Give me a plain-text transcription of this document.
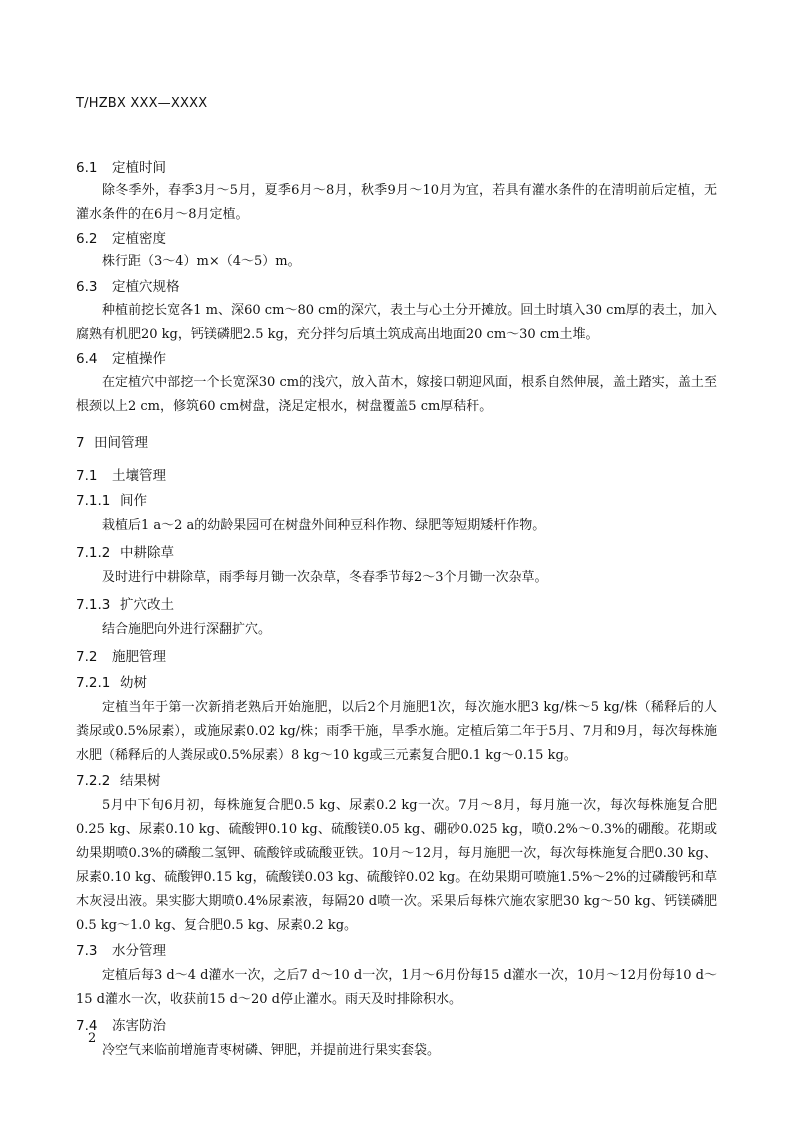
T/HZBX XXX—XXXX
6.1 定植时间

除冬季外，春季3月～5月，夏季6月～8月，秋季9月～10月为宜，若具有灌水条件的在清明前后定植，无灌水条件的在6月～8月定植。

6.2 定植密度

株行距（3～4）m×（4～5）m。

6.3 定植穴规格

种植前挖长宽各1 m、深60 cm～80 cm的深穴，表土与心土分开摊放。回土时填入30 cm厚的表土，加入腐熟有机肥20 kg，钙镁磷肥2.5 kg，充分拌匀后填土筑成高出地面20 cm～30 cm土堆。

6.4 定植操作

在定植穴中部挖一个长宽深30 cm的浅穴，放入苗木，嫁接口朝迎风面，根系自然伸展，盖土踏实，盖土至根颈以上2 cm，修筑60 cm树盘，浇足定根水，树盘覆盖5 cm厚秸秆。

7 田间管理
7.1 土壤管理
7.1.1 间作

栽植后1 a～2 a的幼龄果园可在树盘外间种豆科作物、绿肥等短期矮杆作物。

7.1.2 中耕除草

及时进行中耕除草，雨季每月锄一次杂草，冬春季节每2～3个月锄一次杂草。

7.1.3 扩穴改土

结合施肥向外进行深翻扩穴。

7.2 施肥管理
7.2.1 幼树

定植当年于第一次新捎老熟后开始施肥，以后2个月施肥1次，每次施水肥3 kg/株～5 kg/株（稀释后的人粪尿或0.5%尿素），或施尿素0.02 kg/株；雨季干施，旱季水施。定植后第二年于5月、7月和9月，每次每株施水肥（稀释后的人粪尿或0.5%尿素）8 kg～10 kg或三元素复合肥0.1 kg～0.15 kg。

7.2.2 结果树

5月中下旬6月初，每株施复合肥0.5 kg、尿素0.2 kg一次。7月～8月，每月施一次，每次每株施复合肥0.25 kg、尿素0.10 kg、硫酸钾0.10 kg、硫酸镁0.05 kg、硼砂0.025 kg，喷0.2%～0.3%的硼酸。花期或幼果期喷0.3%的磷酸二氢钾、硫酸锌或硫酸亚铁。10月～12月，每月施肥一次，每次每株施复合肥0.30 kg、尿素0.10 kg、硫酸钾0.15 kg，硫酸镁0.03 kg、硫酸锌0.02 kg。在幼果期可喷施1.5%～2%的过磷酸钙和草木灰浸出液。果实膨大期喷0.4%尿素液，每隔20 d喷一次。采果后每株穴施农家肥30 kg～50 kg、钙镁磷肥0.5 kg～1.0 kg、复合肥0.5 kg、尿素0.2 kg。

7.3 水分管理

定植后每3 d～4 d灌水一次，之后7 d～10 d一次，1月～6月份每15 d灌水一次，10月～12月份每10 d～15 d灌水一次，收获前15 d～20 d停止灌水。雨天及时排除积水。

7.4 冻害防治

冷空气来临前增施青枣树磷、钾肥，并提前进行果实套袋。

2
